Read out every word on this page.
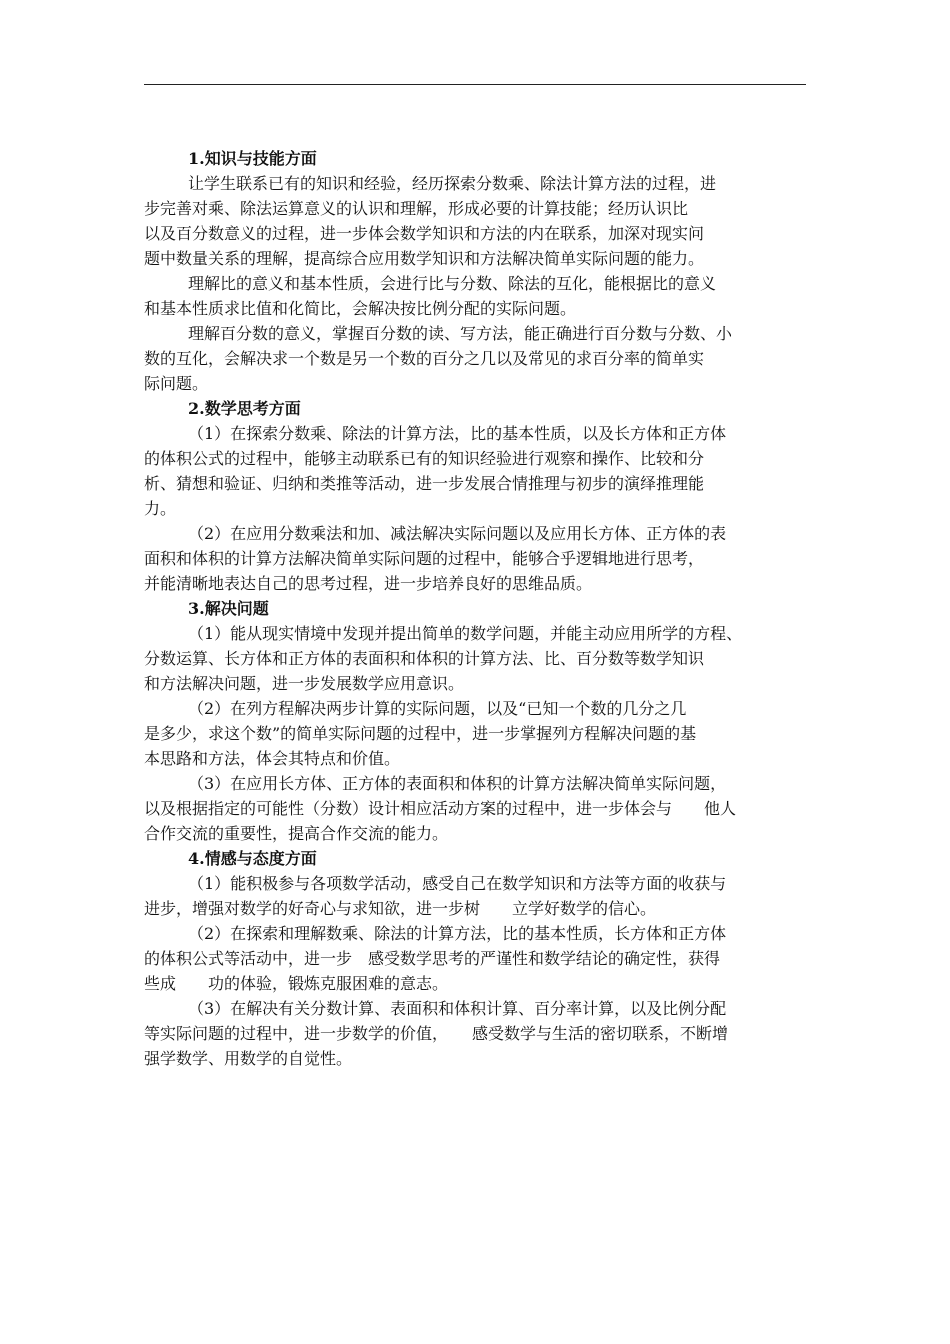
1.知识与技能方面
让学生联系已有的知识和经验，经历探索分数乘、除法计算方法的过程，进
步完善对乘、除法运算意义的认识和理解，形成必要的计算技能；经历认识比
以及百分数意义的过程，进一步体会数学知识和方法的内在联系，加深对现实问
题中数量关系的理解，提高综合应用数学知识和方法解决简单实际问题的能力。
理解比的意义和基本性质，会进行比与分数、除法的互化，能根据比的意义
和基本性质求比值和化简比，会解决按比例分配的实际问题。
理解百分数的意义，掌握百分数的读、写方法，能正确进行百分数与分数、小
数的互化，会解决求一个数是另一个数的百分之几以及常见的求百分率的简单实
际问题。
2.数学思考方面
（1）在探索分数乘、除法的计算方法，比的基本性质，以及长方体和正方体
的体积公式的过程中，能够主动联系已有的知识经验进行观察和操作、比较和分
析、猜想和验证、归纳和类推等活动，进一步发展合情推理与初步的演绎推理能
力。
（2）在应用分数乘法和加、减法解决实际问题以及应用长方体、正方体的表
面积和体积的计算方法解决简单实际问题的过程中，能够合乎逻辑地进行思考，
并能清晰地表达自己的思考过程，进一步培养良好的思维品质。
3.解决问题
（1）能从现实情境中发现并提出简单的数学问题，并能主动应用所学的方程、
分数运算、长方体和正方体的表面积和体积的计算方法、比、百分数等数学知识
和方法解决问题，进一步发展数学应用意识。
（2）在列方程解决两步计算的实际问题，以及“已知一个数的几分之几
是多少，求这个数”的简单实际问题的过程中，进一步掌握列方程解决问题的基
本思路和方法，体会其特点和价值。
（3）在应用长方体、正方体的表面积和体积的计算方法解决简单实际问题，
以及根据指定的可能性（分数）设计相应活动方案的过程中，进一步体会与　　他人
合作交流的重要性，提高合作交流的能力。
4.情感与态度方面
（1）能积极参与各项数学活动，感受自己在数学知识和方法等方面的收获与
进步，增强对数学的好奇心与求知欲，进一步树　　立学好数学的信心。
（2）在探索和理解数乘、除法的计算方法，比的基本性质，长方体和正方体
的体积公式等活动中，进一步　感受数学思考的严谨性和数学结论的确定性，获得
些成　　功的体验，锻炼克服困难的意志。
（3）在解决有关分数计算、表面积和体积计算、百分率计算，以及比例分配
等实际问题的过程中，进一步数学的价值，　　感受数学与生活的密切联系，不断增
强学数学、用数学的自觉性。
